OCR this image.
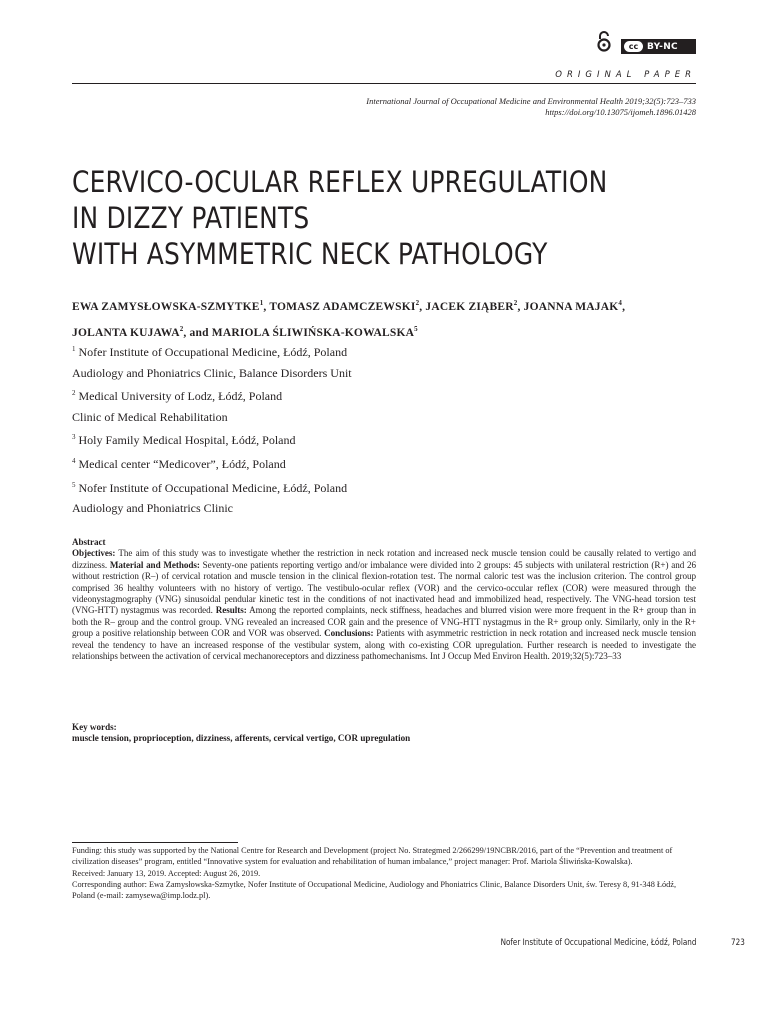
cc BY-NC
ORIGINAL PAPER
International Journal of Occupational Medicine and Environmental Health 2019;32(5):723–733
https://doi.org/10.13075/ijomeh.1896.01428
CERVICO-OCULAR REFLEX UPREGULATION
IN DIZZY PATIENTS
WITH ASYMMETRIC NECK PATHOLOGY
EWA ZAMYSŁOWSKA-SZMYTKE$^1$, TOMASZ ADAMCZEWSKI$^2$, JACEK ZIĄBER$^2$, JOANNA MAJAK$^4$,
JOLANTA KUJAWA$^2$, and MARIOLA ŚLIWIŃSKA-KOWALSKA$^5$
$^1$ Nofer Institute of Occupational Medicine, Łódź, Poland
Audiology and Phoniatrics Clinic, Balance Disorders Unit
$^2$ Medical University of Lodz, Łódź, Poland
Clinic of Medical Rehabilitation
$^3$ Holy Family Medical Hospital, Łódź, Poland
$^4$ Medical center “Medicover”, Łódź, Poland
$^5$ Nofer Institute of Occupational Medicine, Łódź, Poland
Audiology and Phoniatrics Clinic
Abstract
Objectives: The aim of this study was to investigate whether the restriction in neck rotation and increased neck muscle tension could be causally related to vertigo and dizziness. Material and Methods: Seventy-one patients reporting vertigo and/or imbalance were divided into 2 groups: 45 subjects with unilateral restriction (R+) and 26 without restriction (R–) of cervical rotation and muscle tension in the clinical flexion-rotation test. The normal caloric test was the inclusion criterion. The control group comprised 36 healthy volunteers with no history of vertigo. The vestibulo-ocular reflex (VOR) and the cervico-occular reflex (COR) were measured through the videonystagmography (VNG) sinusoidal pendular kinetic test in the conditions of not inactivated head and immobilized head, respectively. The VNG-head torsion test (VNG-HTT) nystagmus was recorded. Results: Among the reported complaints, neck stiffness, headaches and blurred vision were more frequent in the R+ group than in both the R– group and the control group. VNG revealed an increased COR gain and the presence of VNG-HTT nystagmus in the R+ group only. Similarly, only in the R+ group a positive relationship between COR and VOR was observed. Conclusions: Patients with asymmetric restriction in neck rotation and increased neck muscle tension reveal the tendency to have an increased response of the vestibular system, along with co-existing COR upregulation. Further research is needed to investigate the relationships between the activation of cervical mechanoreceptors and dizziness pathomechanisms. Int J Occup Med Environ Health. 2019;32(5):723–33
Key words:
muscle tension, proprioception, dizziness, afferents, cervical vertigo, COR upregulation

Funding: this study was supported by the National Centre for Research and Development (project No. Strategmed 2/266299/19NCBR/2016, part of the “Prevention and treatment of civilization diseases” program, entitled “Innovative system for evaluation and rehabilitation of human imbalance,” project manager: Prof. Mariola Śliwińska-Kowalska).

Received: January 13, 2019. Accepted: August 26, 2019.

Corresponding author: Ewa Zamysłowska-Szmytke, Nofer Institute of Occupational Medicine, Audiology and Phoniatrics Clinic, Balance Disorders Unit, św. Teresy 8, 91-348 Łódź, Poland (e-mail: zamysewa@imp.lodz.pl).

Nofer Institute of Occupational Medicine, Łódź, Poland	723
